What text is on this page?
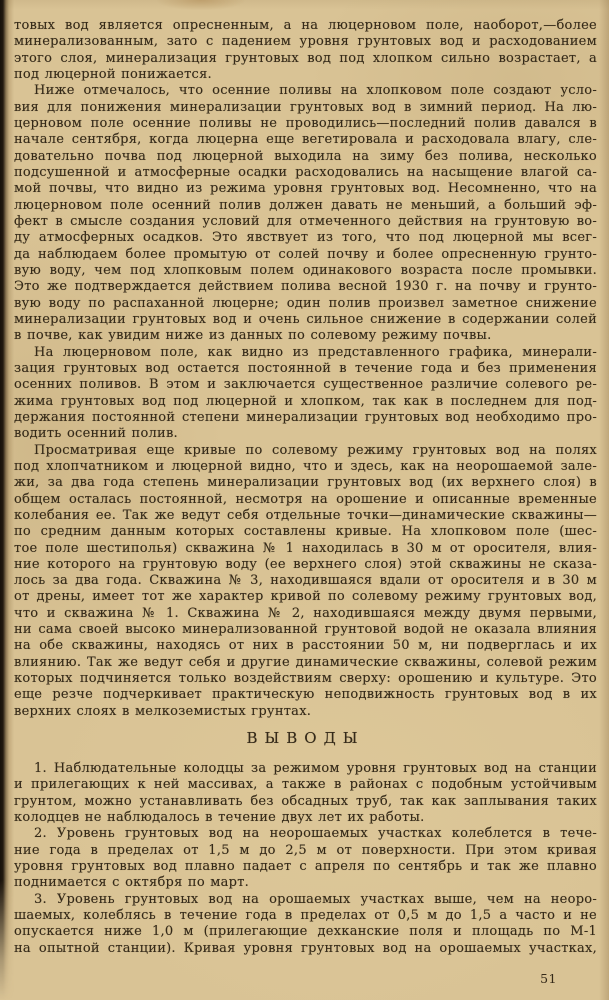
товых вод является опресненным, а на люцерновом поле, наоборот,—более
минерализованным, зато с падением уровня грунтовых вод и расходованием
этого слоя, минерализация грунтовых вод под хлопком сильно возрастает, а
под люцерной понижается.
Ниже отмечалось, что осенние поливы на хлопковом поле создают усло-
вия для понижения минерализации грунтовых вод в зимний период. На лю-
церновом поле осенние поливы не проводились—последний полив давался в
начале сентября, когда люцерна еще вегетировала и расходовала влагу, сле-
довательно почва под люцерной выходила на зиму без полива, несколько
подсушенной и атмосферные осадки расходовались на насыщение влагой са-
мой почвы, что видно из режима уровня грунтовых вод. Несомненно, что на
люцерновом поле осенний полив должен давать не меньший, а больший эф-
фект в смысле создания условий для отмеченного действия на грунтовую во-
ду атмосферных осадков. Это явствует из того, что под люцерной мы всег-
да наблюдаем более промытую от солей почву и более опресненную грунто-
вую воду, чем под хлопковым полем одинакового возраста после промывки.
Это же подтверждается действием полива весной 1930 г. на почву и грунто-
вую воду по распаханной люцерне; один полив произвел заметное снижение
минерализации грунтовых вод и очень сильное снижение в содержании солей
в почве, как увидим ниже из данных по солевому режиму почвы.
На люцерновом поле, как видно из представленного графика, минерали-
зация грунтовых вод остается постоянной в течение года и без применения
осенних поливов. В этом и заключается существенное различие солевого ре-
жима грунтовых вод под люцерной и хлопком, так как в последнем для под-
держания постоянной степени минерализации грунтовых вод необходимо про-
водить осенний полив.
Просматривая еще кривые по солевому режиму грунтовых вод на полях
под хлопчатником и люцерной видно, что и здесь, как на неорошаемой зале-
жи, за два года степень минерализации грунтовых вод (их верхнего слоя) в
общем осталась постоянной, несмотря на орошение и описанные временные
колебания ее. Так же ведут себя отдельные точки—динамические скважины—
по средним данным которых составлены кривые. На хлопковом поле (шес-
тое поле шестиполья) скважина № 1 находилась в 30 м от оросителя, влия-
ние которого на грунтовую воду (ее верхнего слоя) этой скважины не сказа-
лось за два года. Скважина № 3, находившаяся вдали от оросителя и в 30 м
от дрены, имеет тот же характер кривой по солевому режиму грунтовых вод,
что и скважина № 1. Скважина № 2, находившаяся между двумя первыми,
ни сама своей высоко минерализованной грунтовой водой не оказала влияния
на обе скважины, находясь от них в расстоянии 50 м, ни подверглась и их
влиянию. Так же ведут себя и другие динамические скважины, солевой режим
которых подчиняется только воздействиям сверху: орошению и культуре. Это
еще резче подчеркивает практическую неподвижность грунтовых вод в их
верхних слоях в мелкоземистых грунтах.
ВЫВОДЫ
1. Наблюдательные колодцы за режимом уровня грунтовых вод на станции
и прилегающих к ней массивах, а также в районах с подобным устойчивым
грунтом, можно устанавливать без обсадных труб, так как заплывания таких
колодцев не наблюдалось в течение двух лет их работы.
2. Уровень грунтовых вод на неорошаемых участках колеблется в тече-
ние года в пределах от 1,5 м до 2,5 м от поверхности. При этом кривая
уровня грунтовых вод плавно падает с апреля по сентябрь и так же плавно
поднимается с октября по март.
3. Уровень грунтовых вод на орошаемых участках выше, чем на неоро-
шаемых, колеблясь в течение года в пределах от 0,5 м до 1,5 а часто и не
опускается ниже 1,0 м (прилегающие дехканские поля и площадь по М-1
на опытной станции). Кривая уровня грунтовых вод на орошаемых участках,
51
